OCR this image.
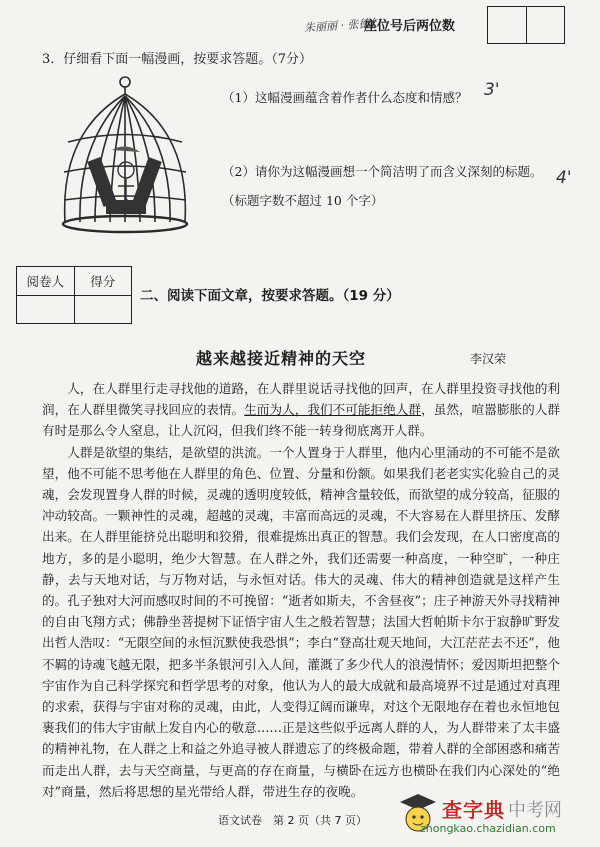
朱丽丽 · 张德仁
座位号后两位数
3．仔细看下面一幅漫画，按要求答题。（7分）
（1）这幅漫画蕴含着作者什么态度和情感？ 3'
（2）请你为这幅漫画想一个简洁明了而含义深刻的标题。 4'
（标题字数不超过 10 个字）
阅卷人	得分

二、阅读下面文章，按要求答题。（19 分）
越来越接近精神的天空	李汉荣

人，在人群里行走寻找他的道路，在人群里说话寻找他的回声，在人群里投资寻找他的利润，在人群里微笑寻找回应的表情。生而为人，我们不可能拒绝人群，虽然，喧嚣膨胀的人群有时是那么令人窒息，让人沉闷，但我们终不能一转身彻底离开人群。

人群是欲望的集结，是欲望的洪流。一个人置身于人群里，他内心里涌动的不可能不是欲望，他不可能不思考他在人群里的角色、位置、分量和份额。如果我们老老实实化验自己的灵魂，会发现置身人群的时候，灵魂的透明度较低，精神含量较低，而欲望的成分较高，征服的冲动较高。一颗神性的灵魂，超越的灵魂，丰富而高远的灵魂，不大容易在人群里挤压、发酵出来。在人群里能挤兑出聪明和狡猾，很难提炼出真正的智慧。我们会发现，在人口密度高的地方，多的是小聪明，绝少大智慧。在人群之外，我们还需要一种高度，一种空旷，一种庄静，去与天地对话，与万物对话，与永恒对话。伟大的灵魂、伟大的精神创造就是这样产生的。孔子独对大河而感叹时间的不可挽留：“逝者如斯夫，不舍昼夜”；庄子神游天外寻找精神的自由飞翔方式；佛静坐菩提树下证悟宇宙人生之般若智慧；法国大哲帕斯卡尔于寂静旷野发出哲人浩叹：“无限空间的永恒沉默使我恐惧”；李白“登高壮观天地间，大江茫茫去不还”，他不羁的诗魂飞越无限，把多半条银河引入人间，灌溉了多少代人的浪漫情怀；爱因斯坦把整个宇宙作为自己科学探究和哲学思考的对象，他认为人的最大成就和最高境界不过是通过对真理的求索，获得与宇宙对称的灵魂，由此，人变得辽阔而谦卑，对这个无限地存在着也永恒地包裹我们的伟大宇宙献上发自内心的敬意……正是这些似乎远离人群的人，为人群带来了太丰盛的精神礼物，在人群之上和益之外追寻被人群遗忘了的终极命题，带着人群的全部困惑和痛苦而走出人群，去与天空商量，与更高的存在商量，与横卧在远方也横卧在我们内心深处的“绝对”商量，然后将思想的星光带给人群，带进生存的夜晚。

语文试卷　第 2 页（共 7 页）	查字典 中考网
zhongkao.chazidian.com
